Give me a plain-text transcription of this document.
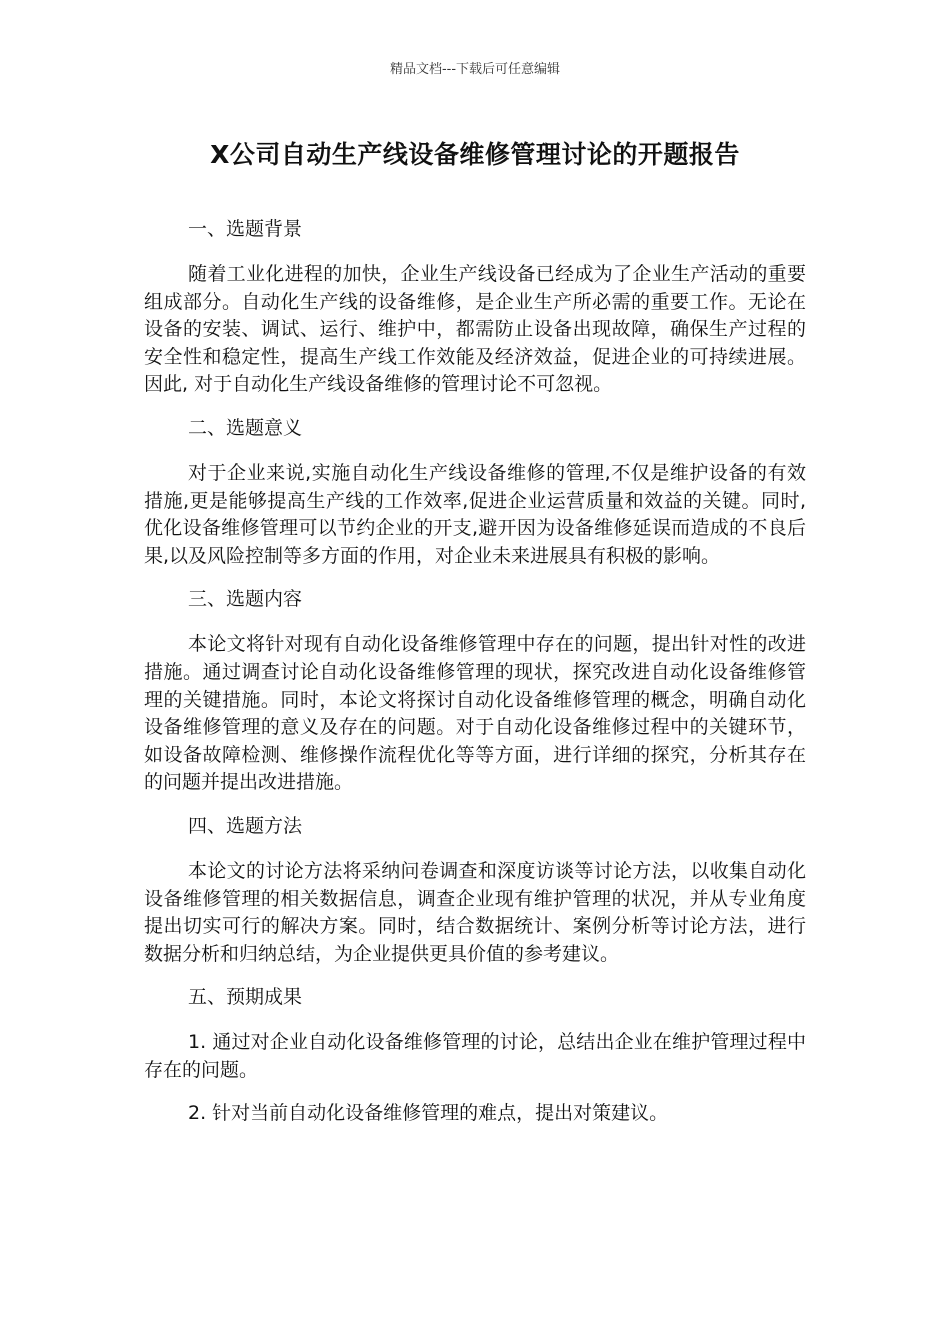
精品文档---下载后可任意编辑
X公司自动生产线设备维修管理讨论的开题报告
一、选题背景

随着工业化进程的加快，企业生产线设备已经成为了企业生产活动的重要组成部分。自动化生产线的设备维修，是企业生产所必需的重要工作。无论在设备的安装、调试、运行、维护中，都需防止设备出现故障，确保生产过程的安全性和稳定性，提高生产线工作效能及经济效益，促进企业的可持续进展。因此, 对于自动化生产线设备维修的管理讨论不可忽视。

二、选题意义

对于企业来说,实施自动化生产线设备维修的管理,不仅是维护设备的有效措施,更是能够提高生产线的工作效率,促进企业运营质量和效益的关键。同时,优化设备维修管理可以节约企业的开支,避开因为设备维修延误而造成的不良后果,以及风险控制等多方面的作用，对企业未来进展具有积极的影响。

三、选题内容

本论文将针对现有自动化设备维修管理中存在的问题，提出针对性的改进措施。通过调查讨论自动化设备维修管理的现状，探究改进自动化设备维修管理的关键措施。同时，本论文将探讨自动化设备维修管理的概念，明确自动化设备维修管理的意义及存在的问题。对于自动化设备维修过程中的关键环节，如设备故障检测、维修操作流程优化等等方面，进行详细的探究，分析其存在的问题并提出改进措施。

四、选题方法

本论文的讨论方法将采纳问卷调查和深度访谈等讨论方法，以收集自动化设备维修管理的相关数据信息，调查企业现有维护管理的状况，并从专业角度提出切实可行的解决方案。同时，结合数据统计、案例分析等讨论方法，进行数据分析和归纳总结，为企业提供更具价值的参考建议。

五、预期成果

1. 通过对企业自动化设备维修管理的讨论，总结出企业在维护管理过程中存在的问题。

2. 针对当前自动化设备维修管理的难点，提出对策建议。
